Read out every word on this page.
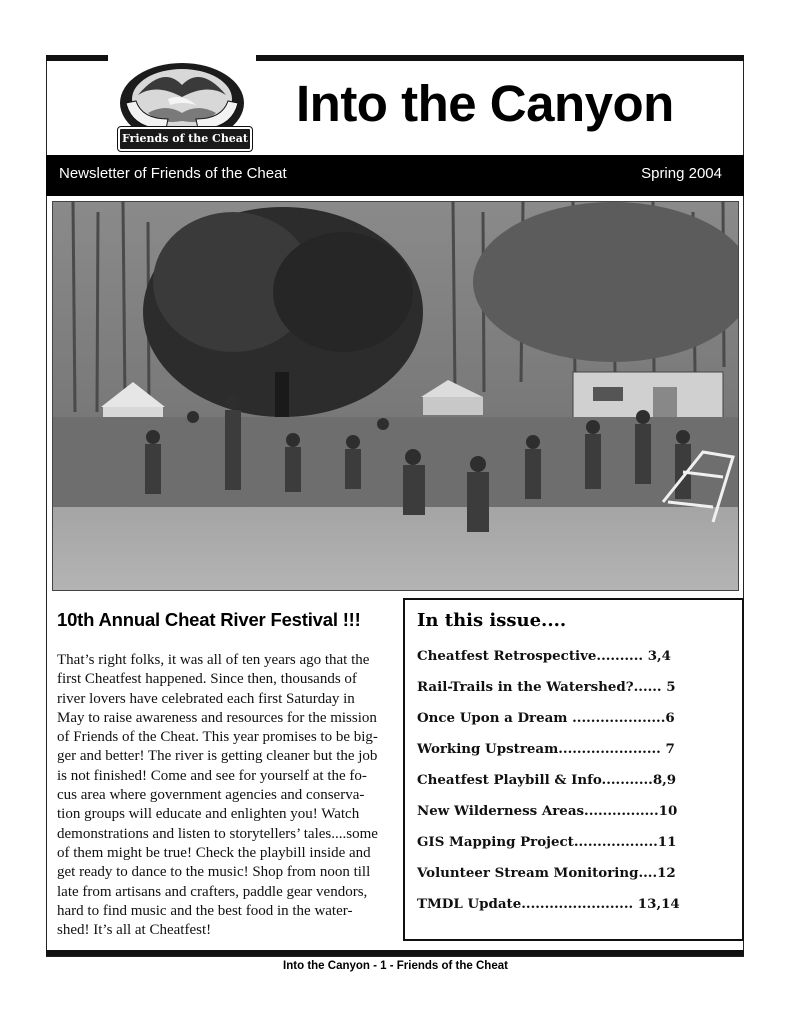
Friends of the Cheat
Into the Canyon
Newsletter of Friends of the Cheat	Spring 2004
10th Annual Cheat River Festival !!!
That’s right folks, it was all of ten years ago that the
first Cheatfest happened. Since then, thousands of
river lovers have celebrated each first Saturday in
May to raise awareness and resources for the mission
of Friends of the Cheat. This year promises to be big-
ger and better! The river is getting cleaner but the job
is not finished! Come and see for yourself at the fo-
cus area where government agencies and conserva-
tion groups will educate and enlighten you! Watch
demonstrations and listen to storytellers’ tales....some
of them might be true! Check the playbill inside and
get ready to dance to the music! Shop from noon till
late from artisans and crafters, paddle gear vendors,
hard to find music and the best food in the water-
shed! It’s all at Cheatfest!
In this issue....
Cheatfest Retrospective.......... 3,4
Rail-Trails in the Watershed?...... 5
Once Upon a Dream ....................6
Working Upstream...................... 7
Cheatfest Playbill & Info...........8,9
New Wilderness Areas................10
GIS Mapping Project..................11
Volunteer Stream Monitoring....12
TMDL Update........................ 13,14
Into the Canyon - 1 - Friends of the Cheat
